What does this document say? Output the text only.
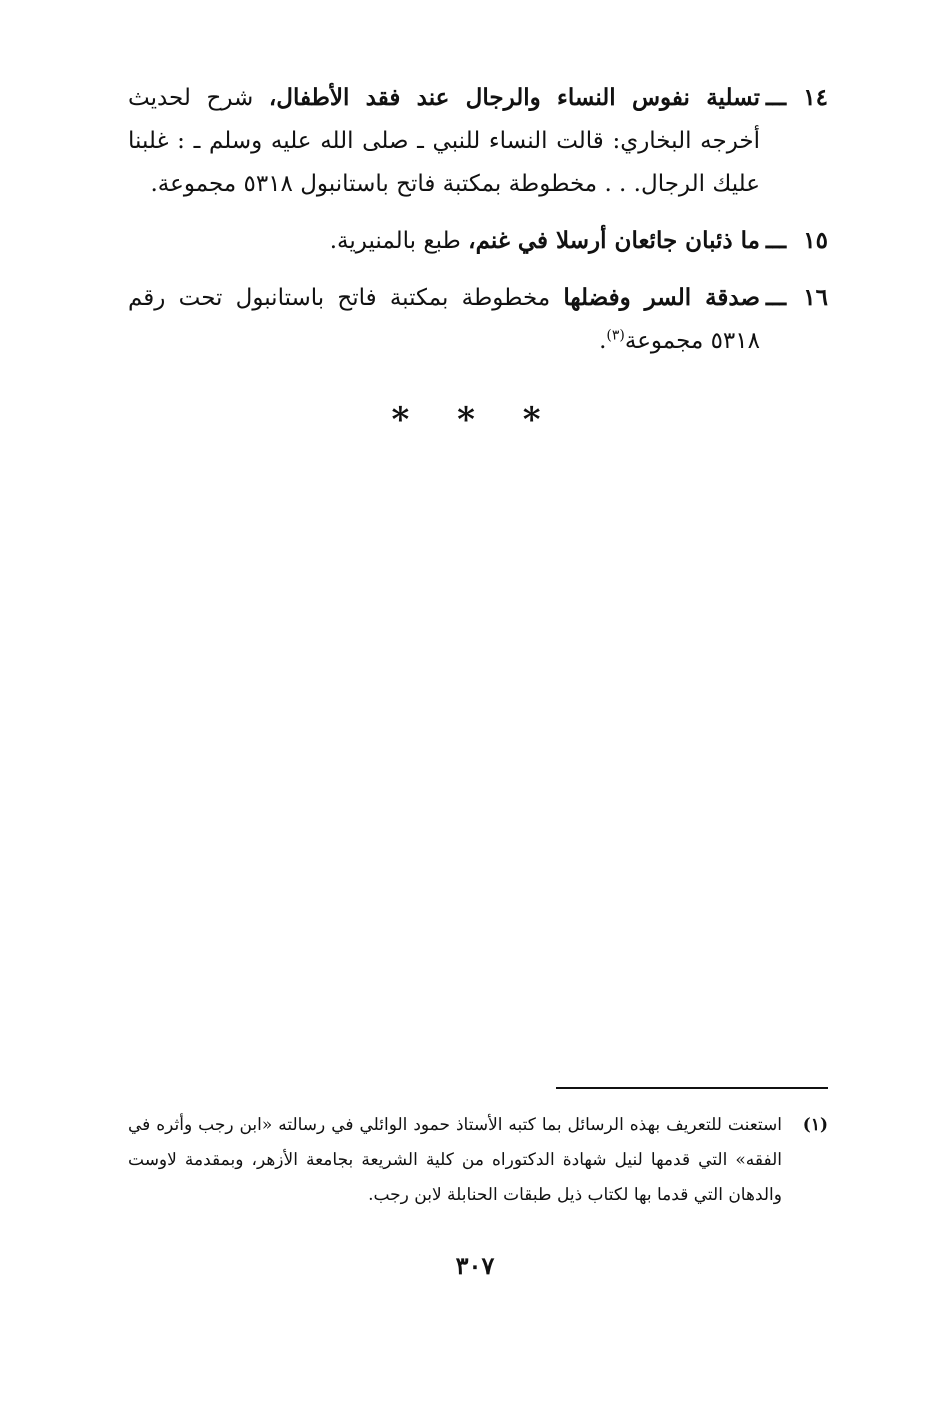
١٤
ـــ
تسلية نفوس النساء والرجال عند فقد الأطفال، شرح لحديث أخرجه البخاري: قالت النساء للنبي ـ صلى الله عليه وسلم ـ : غلبنا عليك الرجال. . . مخطوطة بمكتبة فاتح باستانبول ٥٣١٨ مجموعة.
١٥
ـــ
ما ذئبان جائعان أرسلا في غنم، طبع بالمنيرية.
١٦
ـــ
صدقة السر وفضلها مخطوطة بمكتبة فاتح باستانبول تحت رقم ٥٣١٨ مجموعة$^{(٣)}$.
* * *
(١)
استعنت للتعريف بهذه الرسائل بما كتبه الأستاذ حمود الوائلي في رسالته «ابن رجب وأثره في الفقه» التي قدمها لنيل شهادة الدكتوراه من كلية الشريعة بجامعة الأزهر، وبمقدمة لاوست والدهان التي قدما بها لكتاب ذيل طبقات الحنابلة لابن رجب.
٣٠٧
